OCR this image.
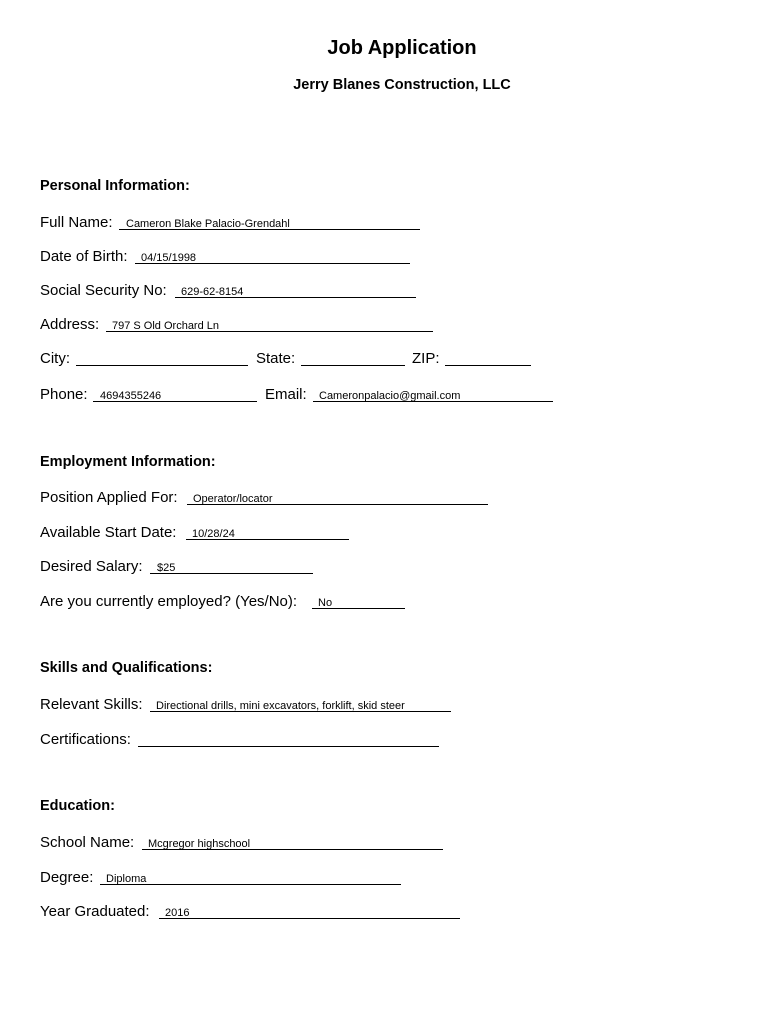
Job Application
Jerry Blanes Construction, LLC
Personal Information:
Full Name: Cameron Blake Palacio-Grendahl
Date of Birth: 04/15/1998
Social Security No: 629-62-8154
Address: 797 S Old Orchard Ln
City:	State:	ZIP:
Phone: 4694355246	Email: Cameronpalacio@gmail.com
Employment Information:
Position Applied For: Operator/locator
Available Start Date: 10/28/24
Desired Salary: $25
Are you currently employed? (Yes/No): No
Skills and Qualifications:
Relevant Skills: Directional drills, mini excavators, forklift, skid steer
Certifications:
Education:
School Name: Mcgregor highschool
Degree: Diploma
Year Graduated: 2016
